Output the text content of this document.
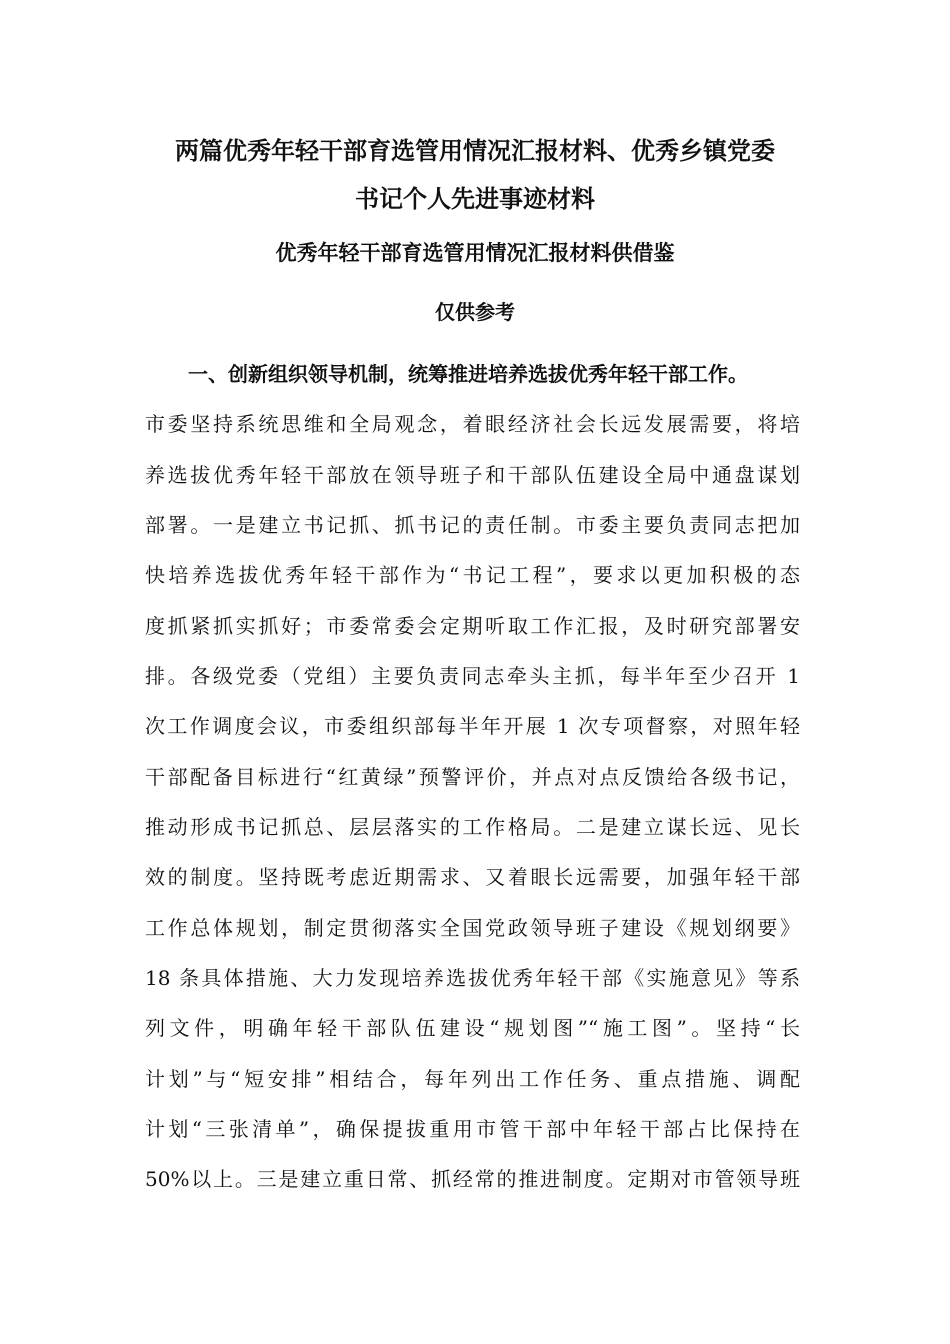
两篇优秀年轻干部育选管用情况汇报材料、优秀乡镇党委
书记个人先进事迹材料
优秀年轻干部育选管用情况汇报材料供借鉴

仅供参考

一、创新组织领导机制，统筹推进培养选拔优秀年轻干部工作。

市委坚持系统思维和全局观念，着眼经济社会长远发展需要，将培

养选拔优秀年轻干部放在领导班子和干部队伍建设全局中通盘谋划

部署。一是建立书记抓、抓书记的责任制。市委主要负责同志把加

快培养选拔优秀年轻干部作为“书记工程”，要求以更加积极的态

度抓紧抓实抓好；市委常委会定期听取工作汇报，及时研究部署安

排。各级党委（党组）主要负责同志牵头主抓，每半年至少召开 1

次工作调度会议，市委组织部每半年开展 1 次专项督察，对照年轻

干部配备目标进行“红黄绿”预警评价，并点对点反馈给各级书记，

推动形成书记抓总、层层落实的工作格局。二是建立谋长远、见长

效的制度。坚持既考虑近期需求、又着眼长远需要，加强年轻干部

工作总体规划，制定贯彻落实全国党政领导班子建设《规划纲要》

18 条具体措施、大力发现培养选拔优秀年轻干部《实施意见》等系

列文件，明确年轻干部队伍建设“规划图”“施工图”。坚持“长

计划”与“短安排”相结合，每年列出工作任务、重点措施、调配

计划“三张清单”，确保提拔重用市管干部中年轻干部占比保持在

50%以上。三是建立重日常、抓经常的推进制度。定期对市管领导班
